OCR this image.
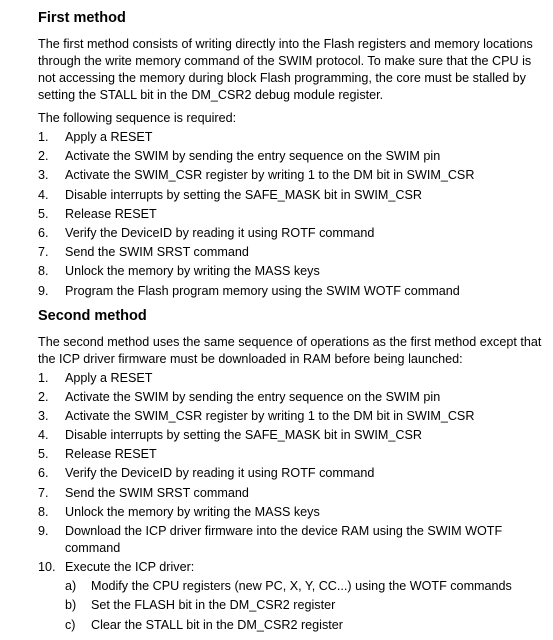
First method

The first method consists of writing directly into the Flash registers and memory locations through the write memory command of the SWIM protocol. To make sure that the CPU is not accessing the memory during block Flash programming, the core must be stalled by setting the STALL bit in the DM_CSR2 debug module register.

The following sequence is required:

1. Apply a RESET
2. Activate the SWIM by sending the entry sequence on the SWIM pin
3. Activate the SWIM_CSR register by writing 1 to the DM bit in SWIM_CSR
4. Disable interrupts by setting the SAFE_MASK bit in SWIM_CSR
5. Release RESET
6. Verify the DeviceID by reading it using ROTF command
7. Send the SWIM SRST command
8. Unlock the memory by writing the MASS keys
9. Program the Flash program memory using the SWIM WOTF command
Second method

The second method uses the same sequence of operations as the first method except that the ICP driver firmware must be downloaded in RAM before being launched:

1. Apply a RESET
2. Activate the SWIM by sending the entry sequence on the SWIM pin
3. Activate the SWIM_CSR register by writing 1 to the DM bit in SWIM_CSR
4. Disable interrupts by setting the SAFE_MASK bit in SWIM_CSR
5. Release RESET
6. Verify the DeviceID by reading it using ROTF command
7. Send the SWIM SRST command
8. Unlock the memory by writing the MASS keys
9. Download the ICP driver firmware into the device RAM using the SWIM WOTF command
10. Execute the ICP driver:
a) Modify the CPU registers (new PC, X, Y, CC...) using the WOTF commands
b) Set the FLASH bit in the DM_CSR2 register
c) Clear the STALL bit in the DM_CSR2 register
